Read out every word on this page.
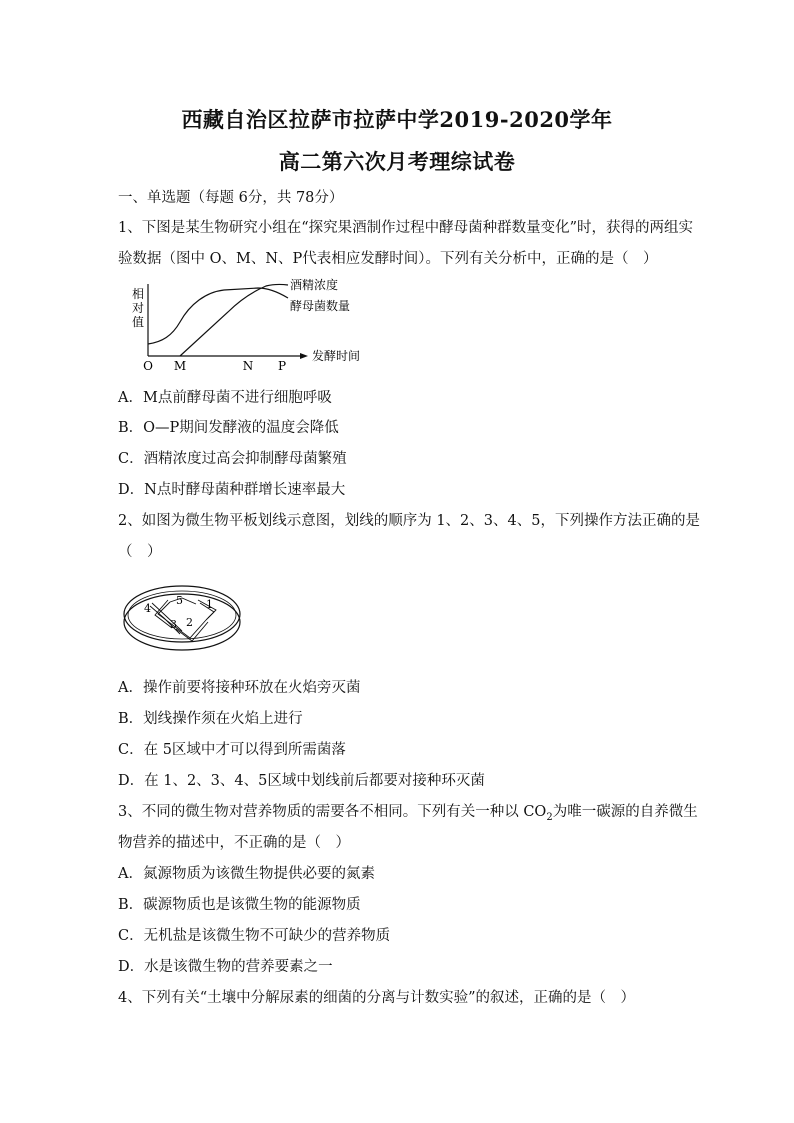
西藏自治区拉萨市拉萨中学2019-2020学年
高二第六次月考理综试卷
一、单选题（每题 6分，共 78分）
1、下图是某生物研究小组在“探究果酒制作过程中酵母菌种群数量变化”时，获得的两组实
验数据（图中 O、M、N、P代表相应发酵时间）。下列有关分析中，正确的是（　）
相
对
值
酒精浓度
酵母菌数量
O M	N P
发酵时间
A．M点前酵母菌不进行细胞呼吸
B．O—P期间发酵液的温度会降低
C．酒精浓度过高会抑制酵母菌繁殖
D．N点时酵母菌种群增长速率最大
2、如图为微生物平板划线示意图，划线的顺序为 1、2、3、4、5，下列操作方法正确的是
（　）
1
2
3
4
5
A．操作前要将接种环放在火焰旁灭菌
B．划线操作须在火焰上进行
C．在 5区域中才可以得到所需菌落
D．在 1、2、3、4、5区域中划线前后都要对接种环灭菌
3、不同的微生物对营养物质的需要各不相同。下列有关一种以 $CO_2$为唯一碳源的自养微生
物营养的描述中，不正确的是（　）
A．氮源物质为该微生物提供必要的氮素
B．碳源物质也是该微生物的能源物质
C．无机盐是该微生物不可缺少的营养物质
D．水是该微生物的营养要素之一
4、下列有关“土壤中分解尿素的细菌的分离与计数实验”的叙述，正确的是（　）
